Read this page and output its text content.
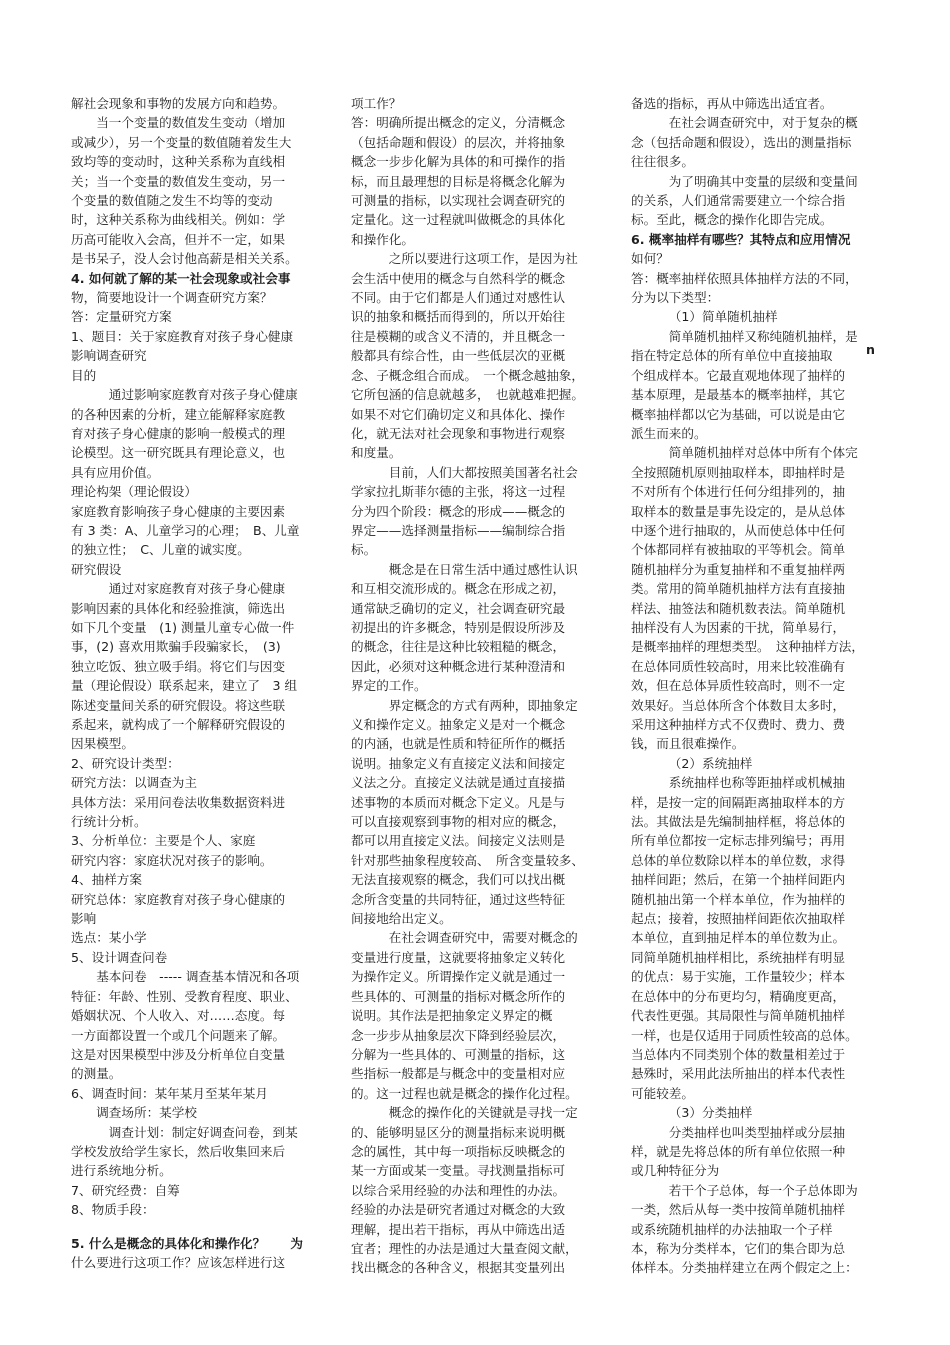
解社会现象和事物的发展方向和趋势。

当一个变量的数值发生变动（增加

或减少），另一个变量的数值随着发生大

致均等的变动时，这种关系称为直线相

关；当一个变量的数值发生变动，另一

个变量的数值随之发生不均等的变动

时，这种关系称为曲线相关。例如：学

历高可能收入会高，但并不一定，如果

是书呆子，没人会讨他高薪是相关关系。

4. 如何就了解的某一社会现象或社会事

物，简要地设计一个调查研究方案？

答：定量研究方案

1、题目：关于家庭教育对孩子身心健康

影响调查研究

目的

通过影响家庭教育对孩子身心健康

的各种因素的分析，建立能解释家庭教

育对孩子身心健康的影响一般模式的理

论模型。这一研究既具有理论意义，也

具有应用价值。

理论构架（理论假设）

家庭教育影响孩子身心健康的主要因素

有 3 类：A、儿童学习的心理；　B、儿童

的独立性；　C、儿童的诚实度。

研究假设

通过对家庭教育对孩子身心健康

影响因素的具体化和经验推演，筛选出

如下几个变量　(1) 测量儿童专心做一件

事，(2) 喜欢用欺骗手段骗家长，　(3)

独立吃饭、独立吸手绢。将它们与因变

量（理论假设）联系起来，建立了　3 组

陈述变量间关系的研究假设。将这些联

系起来，就构成了一个解释研究假设的

因果模型。

2、研究设计类型：

研究方法：以调查为主

具体方法：采用问卷法收集数据资料进

行统计分析。

3、分析单位：主要是个人、家庭

研究内容：家庭状况对孩子的影响。

4、抽样方案

研究总体：家庭教育对孩子身心健康的

影响

选点：某小学

5、设计调查问卷

基本问卷　----- 调查基本情况和各项

特征：年龄、性别、受教育程度、职业、

婚姻状况、个人收入、对……态度。每

一方面都设置一个或几个问题来了解。

这是对因果模型中涉及分析单位自变量

的测量。

6、调查时间：某年某月至某年某月

调查场所：某学校

调查计划：制定好调查问卷，到某

学校发放给学生家长，然后收集回来后

进行系统地分析。

7、研究经费：自筹

8、物质手段：

5. 什么是概念的具体化和操作化？　　为

什么要进行这项工作？应该怎样进行这

项工作？

答：明确所提出概念的定义，分清概念

（包括命题和假设）的层次，并将抽象

概念一步步化解为具体的和可操作的指

标，而且最理想的目标是将概念化解为

可测量的指标，以实现社会调查研究的

定量化。这一过程就叫做概念的具体化

和操作化。

之所以要进行这项工作，是因为社

会生活中使用的概念与自然科学的概念

不同。由于它们都是人们通过对感性认

识的抽象和概括而得到的，所以开始往

往是模糊的或含义不清的，并且概念一

般都具有综合性，由一些低层次的亚概

念、子概念组合而成。　一个概念越抽象，

它所包涵的信息就越多，　也就越难把握。

如果不对它们确切定义和具体化、操作

化，就无法对社会现象和事物进行观察

和度量。

目前，人们大都按照美国著名社会

学家拉扎斯菲尔德的主张，将这一过程

分为四个阶段：概念的形成——概念的

界定——选择测量指标——编制综合指

标。

概念是在日常生活中通过感性认识

和互相交流形成的。概念在形成之初，

通常缺乏确切的定义，社会调查研究最

初提出的许多概念，特别是假设所涉及

的概念，往往是这种比较粗糙的概念，

因此，必须对这种概念进行某种澄清和

界定的工作。

界定概念的方式有两种，即抽象定

义和操作定义。抽象定义是对一个概念

的内涵，也就是性质和特征所作的概括

说明。抽象定义有直接定义法和间接定

义法之分。直接定义法就是通过直接描

述事物的本质而对概念下定义。凡是与

可以直接观察到事物的相对应的概念，

都可以用直接定义法。间接定义法则是

针对那些抽象程度较高、　所含变量较多、

无法直接观察的概念，我们可以找出概

念所含变量的共同特征，通过这些特征

间接地给出定义。

在社会调查研究中，需要对概念的

变量进行度量，这就要将抽象定义转化

为操作定义。所谓操作定义就是通过一

些具体的、可测量的指标对概念所作的

说明。其作法是把抽象定义界定的概

念一步步从抽象层次下降到经验层次，

分解为一些具体的、可测量的指标，这

些指标一般都是与概念中的变量相对应

的。这一过程也就是概念的操作化过程。

概念的操作化的关键就是寻找一定

的、能够明显区分的测量指标来说明概

念的属性，其中每一项指标反映概念的

某一方面或某一变量。寻找测量指标可

以综合采用经验的办法和理性的办法。

经验的办法是研究者通过对概念的大致

理解，提出若干指标，再从中筛选出适

宜者；理性的办法是通过大量查阅文献，

找出概念的各种含义，根据其变量列出

备选的指标，再从中筛选出适宜者。

在社会调查研究中，对于复杂的概

念（包括命题和假设），选出的测量指标

往往很多。

为了明确其中变量的层级和变量间

的关系，人们通常需要建立一个综合指

标。至此，概念的操作化即告完成。

6. 概率抽样有哪些？其特点和应用情况

如何？

答：概率抽样依照具体抽样方法的不同，

分为以下类型：

（1）简单随机抽样

简单随机抽样又称纯随机抽样，是

指在特定总体的所有单位中直接抽取

个组成样本。它最直观地体现了抽样的

基本原理，是最基本的概率抽样，其它

概率抽样都以它为基础，可以说是由它

派生而来的。

简单随机抽样对总体中所有个体完

全按照随机原则抽取样本，即抽样时是

不对所有个体进行任何分组排列的，抽

取样本的数量是事先设定的，是从总体

中逐个进行抽取的，从而使总体中任何

个体都同样有被抽取的平等机会。简单

随机抽样分为重复抽样和不重复抽样两

类。常用的简单随机抽样方法有直接抽

样法、抽签法和随机数表法。简单随机

抽样没有人为因素的干扰，简单易行，

是概率抽样的理想类型。　这种抽样方法，

在总体同质性较高时，用来比较准确有

效，但在总体异质性较高时，则不一定

效果好。当总体所含个体数目太多时，

采用这种抽样方式不仅费时、费力、费

钱，而且很难操作。

（2）系统抽样

系统抽样也称等距抽样或机械抽

样，是按一定的间隔距离抽取样本的方

法。其做法是先编制抽样框，将总体的

所有单位都按一定标志排列编号；再用

总体的单位数除以样本的单位数，求得

抽样间距；然后，在第一个抽样间距内

随机抽出第一个样本单位，作为抽样的

起点；接着，按照抽样间距依次抽取样

本单位，直到抽足样本的单位数为止。

同简单随机抽样相比，系统抽样有明显

的优点：易于实施，工作量较少；样本

在总体中的分布更均匀，精确度更高，

代表性更强。其局限性与简单随机抽样

一样，也是仅适用于同质性较高的总体。

当总体内不同类别个体的数量相差过于

悬殊时，采用此法所抽出的样本代表性

可能较差。

（3）分类抽样

分类抽样也叫类型抽样或分层抽

样，就是先将总体的所有单位依照一种

或几种特征分为

若干个子总体，每一个子总体即为

一类，然后从每一类中按简单随机抽样

或系统随机抽样的办法抽取一个子样

本，称为分类样本，它们的集合即为总

体样本。分类抽样建立在两个假定之上：

n
